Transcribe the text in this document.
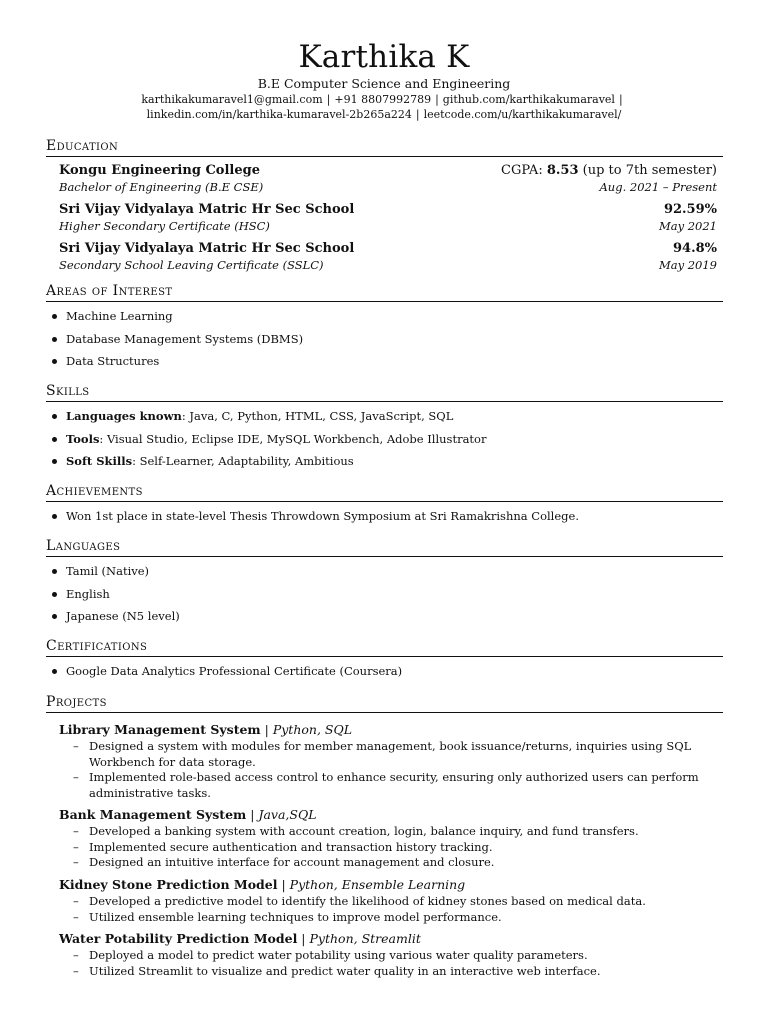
Karthika K
B.E Computer Science and Engineering
karthikakumaravel1@gmail.com | +91 8807992789 | github.com/karthikakumaravel |
linkedin.com/in/karthika-kumaravel-2b265a224 | leetcode.com/u/karthikakumaravel/
Education
Kongu Engineering College	CGPA: 8.53 (up to 7th semester)
Bachelor of Engineering (B.E CSE)	Aug. 2021 – Present
Sri Vijay Vidyalaya Matric Hr Sec School	92.59%
Higher Secondary Certificate (HSC)	May 2021
Sri Vijay Vidyalaya Matric Hr Sec School	94.8%
Secondary School Leaving Certificate (SSLC)	May 2019
Areas of Interest
Machine Learning
Database Management Systems (DBMS)
Data Structures
Skills
Languages known: Java, C, Python, HTML, CSS, JavaScript, SQL
Tools: Visual Studio, Eclipse IDE, MySQL Workbench, Adobe Illustrator
Soft Skills: Self-Learner, Adaptability, Ambitious
Achievements
Won 1st place in state-level Thesis Throwdown Symposium at Sri Ramakrishna College.
Languages
Tamil (Native)
English
Japanese (N5 level)
Certifications
Google Data Analytics Professional Certificate (Coursera)
Projects
Library Management System | Python, SQL
– Designed a system with modules for member management, book issuance/returns, inquiries using SQL Workbench for data storage.
– Implemented role-based access control to enhance security, ensuring only authorized users can perform administrative tasks.
Bank Management System | Java,SQL
– Developed a banking system with account creation, login, balance inquiry, and fund transfers.
– Implemented secure authentication and transaction history tracking.
– Designed an intuitive interface for account management and closure.
Kidney Stone Prediction Model | Python, Ensemble Learning
– Developed a predictive model to identify the likelihood of kidney stones based on medical data.
– Utilized ensemble learning techniques to improve model performance.
Water Potability Prediction Model | Python, Streamlit
– Deployed a model to predict water potability using various water quality parameters.
– Utilized Streamlit to visualize and predict water quality in an interactive web interface.
